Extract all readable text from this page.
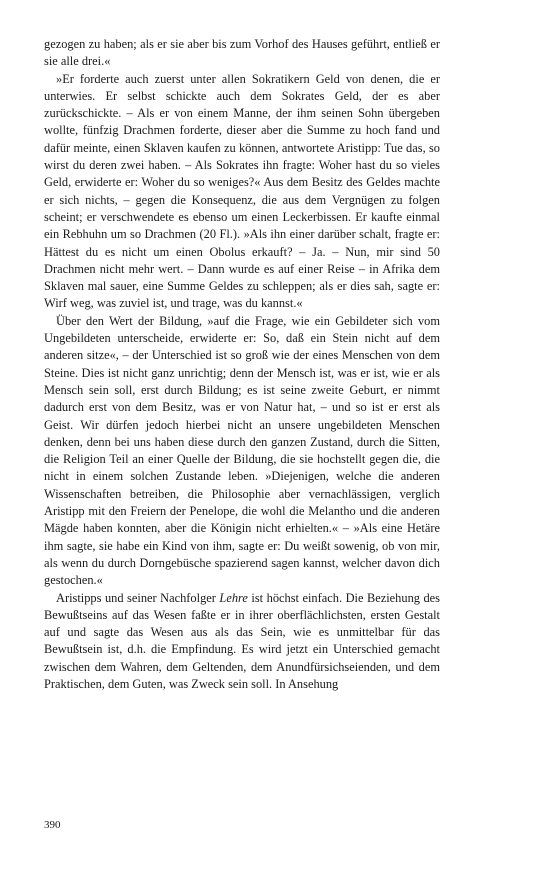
gezogen zu haben; als er sie aber bis zum Vorhof des Hauses geführt, entließ er sie alle drei.«

»Er forderte auch zuerst unter allen Sokratikern Geld von denen, die er unterwies. Er selbst schickte auch dem Sokrates Geld, der es aber zurückschickte. – Als er von einem Manne, der ihm seinen Sohn übergeben wollte, fünfzig Drachmen forderte, dieser aber die Summe zu hoch fand und dafür meinte, einen Sklaven kaufen zu können, antwortete Aristipp: Tue das, so wirst du deren zwei haben. – Als Sokrates ihn fragte: Woher hast du so vieles Geld, erwiderte er: Woher du so weniges?« Aus dem Besitz des Geldes machte er sich nichts, – gegen die Konsequenz, die aus dem Vergnügen zu folgen scheint; er verschwendete es ebenso um einen Leckerbissen. Er kaufte einmal ein Rebhuhn um so Drachmen (20 Fl.). »Als ihn einer darüber schalt, fragte er: Hättest du es nicht um einen Obolus erkauft? – Ja. – Nun, mir sind 50 Drachmen nicht mehr wert. – Dann wurde es auf einer Reise – in Afrika dem Sklaven mal sauer, eine Summe Geldes zu schleppen; als er dies sah, sagte er: Wirf weg, was zuviel ist, und trage, was du kannst.«

Über den Wert der Bildung, »auf die Frage, wie ein Gebildeter sich vom Ungebildeten unterscheide, erwiderte er: So, daß ein Stein nicht auf dem anderen sitze«, – der Unterschied ist so groß wie der eines Menschen von dem Steine. Dies ist nicht ganz unrichtig; denn der Mensch ist, was er ist, wie er als Mensch sein soll, erst durch Bildung; es ist seine zweite Geburt, er nimmt dadurch erst von dem Besitz, was er von Natur hat, – und so ist er erst als Geist. Wir dürfen jedoch hierbei nicht an unsere ungebildeten Menschen denken, denn bei uns haben diese durch den ganzen Zustand, durch die Sitten, die Religion Teil an einer Quelle der Bildung, die sie hochstellt gegen die, die nicht in einem solchen Zustande leben. »Diejenigen, welche die anderen Wissenschaften betreiben, die Philosophie aber vernachlässigen, verglich Aristipp mit den Freiern der Penelope, die wohl die Melantho und die anderen Mägde haben konnten, aber die Königin nicht erhielten.« – »Als eine Hetäre ihm sagte, sie habe ein Kind von ihm, sagte er: Du weißt sowenig, ob von mir, als wenn du durch Dorngebüsche spazierend sagen kannst, welcher davon dich gestochen.«

Aristipps und seiner Nachfolger Lehre ist höchst einfach. Die Beziehung des Bewußtseins auf das Wesen faßte er in ihrer oberflächlichsten, ersten Gestalt auf und sagte das Wesen aus als das Sein, wie es unmittelbar für das Bewußtsein ist, d.h. die Empfindung. Es wird jetzt ein Unterschied gemacht zwischen dem Wahren, dem Geltenden, dem Anundfürsichseienden, und dem Praktischen, dem Guten, was Zweck sein soll. In Ansehung

390
